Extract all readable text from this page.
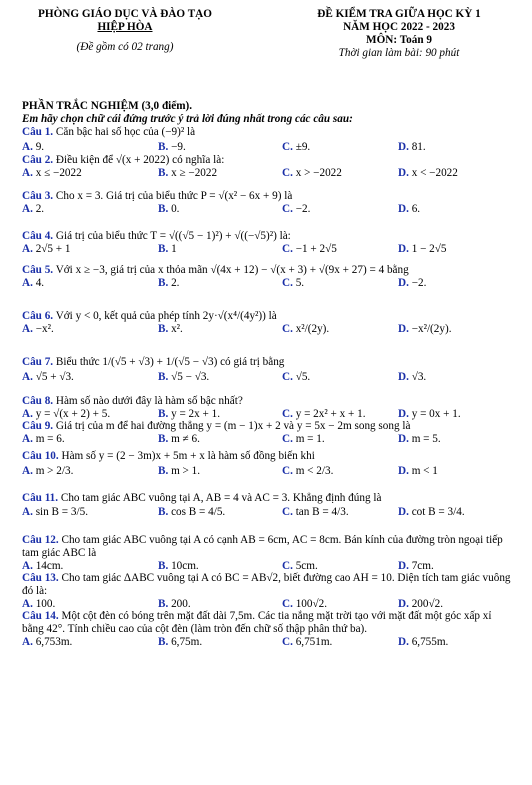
PHÒNG GIÁO DỤC VÀ ĐÀO TẠO
HIỆP HÒA
(Đề gồm có 02 trang)
ĐỀ KIỂM TRA GIỮA HỌC KỲ 1
NĂM HỌC 2022 - 2023
MÔN: Toán 9
Thời gian làm bài: 90 phút
PHẦN TRẮC NGHIỆM (3,0 điểm).
Em hãy chọn chữ cái đứng trước ý trả lời đúng nhất trong các câu sau:
Câu 1. Căn bậc hai số học của (−9)² là
A. 9.	B. −9.	C. ±9.	D. 81.
Câu 2. Điều kiện để √(x + 2022) có nghĩa là:
A. x ≤ −2022	B. x ≥ −2022	C. x > −2022	D. x < −2022
Câu 3. Cho x = 3. Giá trị của biểu thức P = √(x² − 6x + 9) là
A. 2.	B. 0.	C. −2.	D. 6.
Câu 4. Giá trị của biểu thức T = √((√5 − 1)²) + √((−√5)²) là:
A. 2√5 + 1	B. 1	C. −1 + 2√5	D. 1 − 2√5
Câu 5. Với x ≥ −3, giá trị của x thỏa mãn √(4x + 12) − √(x + 3) + √(9x + 27) = 4 bằng
A. 4.	B. 2.	C. 5.	D. −2.
Câu 6. Với y < 0, kết quả của phép tính 2y·√(x⁴/(4y²)) là
A. −x².	B. x².	C. x²/(2y).	D. −x²/(2y).
Câu 7. Biểu thức 1/(√5 + √3) + 1/(√5 − √3) có giá trị bằng
A. √5 + √3.	B. √5 − √3.	C. √5.	D. √3.
Câu 8. Hàm số nào dưới đây là hàm số bậc nhất?
A. y = √(x + 2) + 5.	B. y = 2x + 1.	C. y = 2x² + x + 1.	D. y = 0x + 1.
Câu 9. Giá trị của m để hai đường thẳng y = (m − 1)x + 2 và y = 5x − 2m song song là
A. m = 6.	B. m ≠ 6.	C. m = 1.	D. m = 5.
Câu 10. Hàm số y = (2 − 3m)x + 5m + x là hàm số đồng biến khi
A. m > 2/3.	B. m > 1.	C. m < 2/3.	D. m < 1
Câu 11. Cho tam giác ABC vuông tại A, AB = 4 và AC = 3. Khẳng định đúng là
A. sin B = 3/5.	B. cos B = 4/5.	C. tan B = 4/3.	D. cot B = 3/4.
Câu 12. Cho tam giác ABC vuông tại A có cạnh AB = 6cm, AC = 8cm. Bán kính của đường tròn ngoại tiếp tam giác ABC là
A. 14cm.	B. 10cm.	C. 5cm.	D. 7cm.
Câu 13. Cho tam giác ΔABC vuông tại A có BC = AB√2, biết đường cao AH = 10. Diện tích tam giác vuông đó là:
A. 100.	B. 200.	C. 100√2.	D. 200√2.
Câu 14. Một cột đèn có bóng trên mặt đất dài 7,5m. Các tia nắng mặt trời tạo với mặt đất một góc xấp xỉ bằng 42°. Tính chiều cao của cột đèn (làm tròn đến chữ số thập phân thứ ba).
A. 6,753m.	B. 6,75m.	C. 6,751m.	D. 6,755m.
